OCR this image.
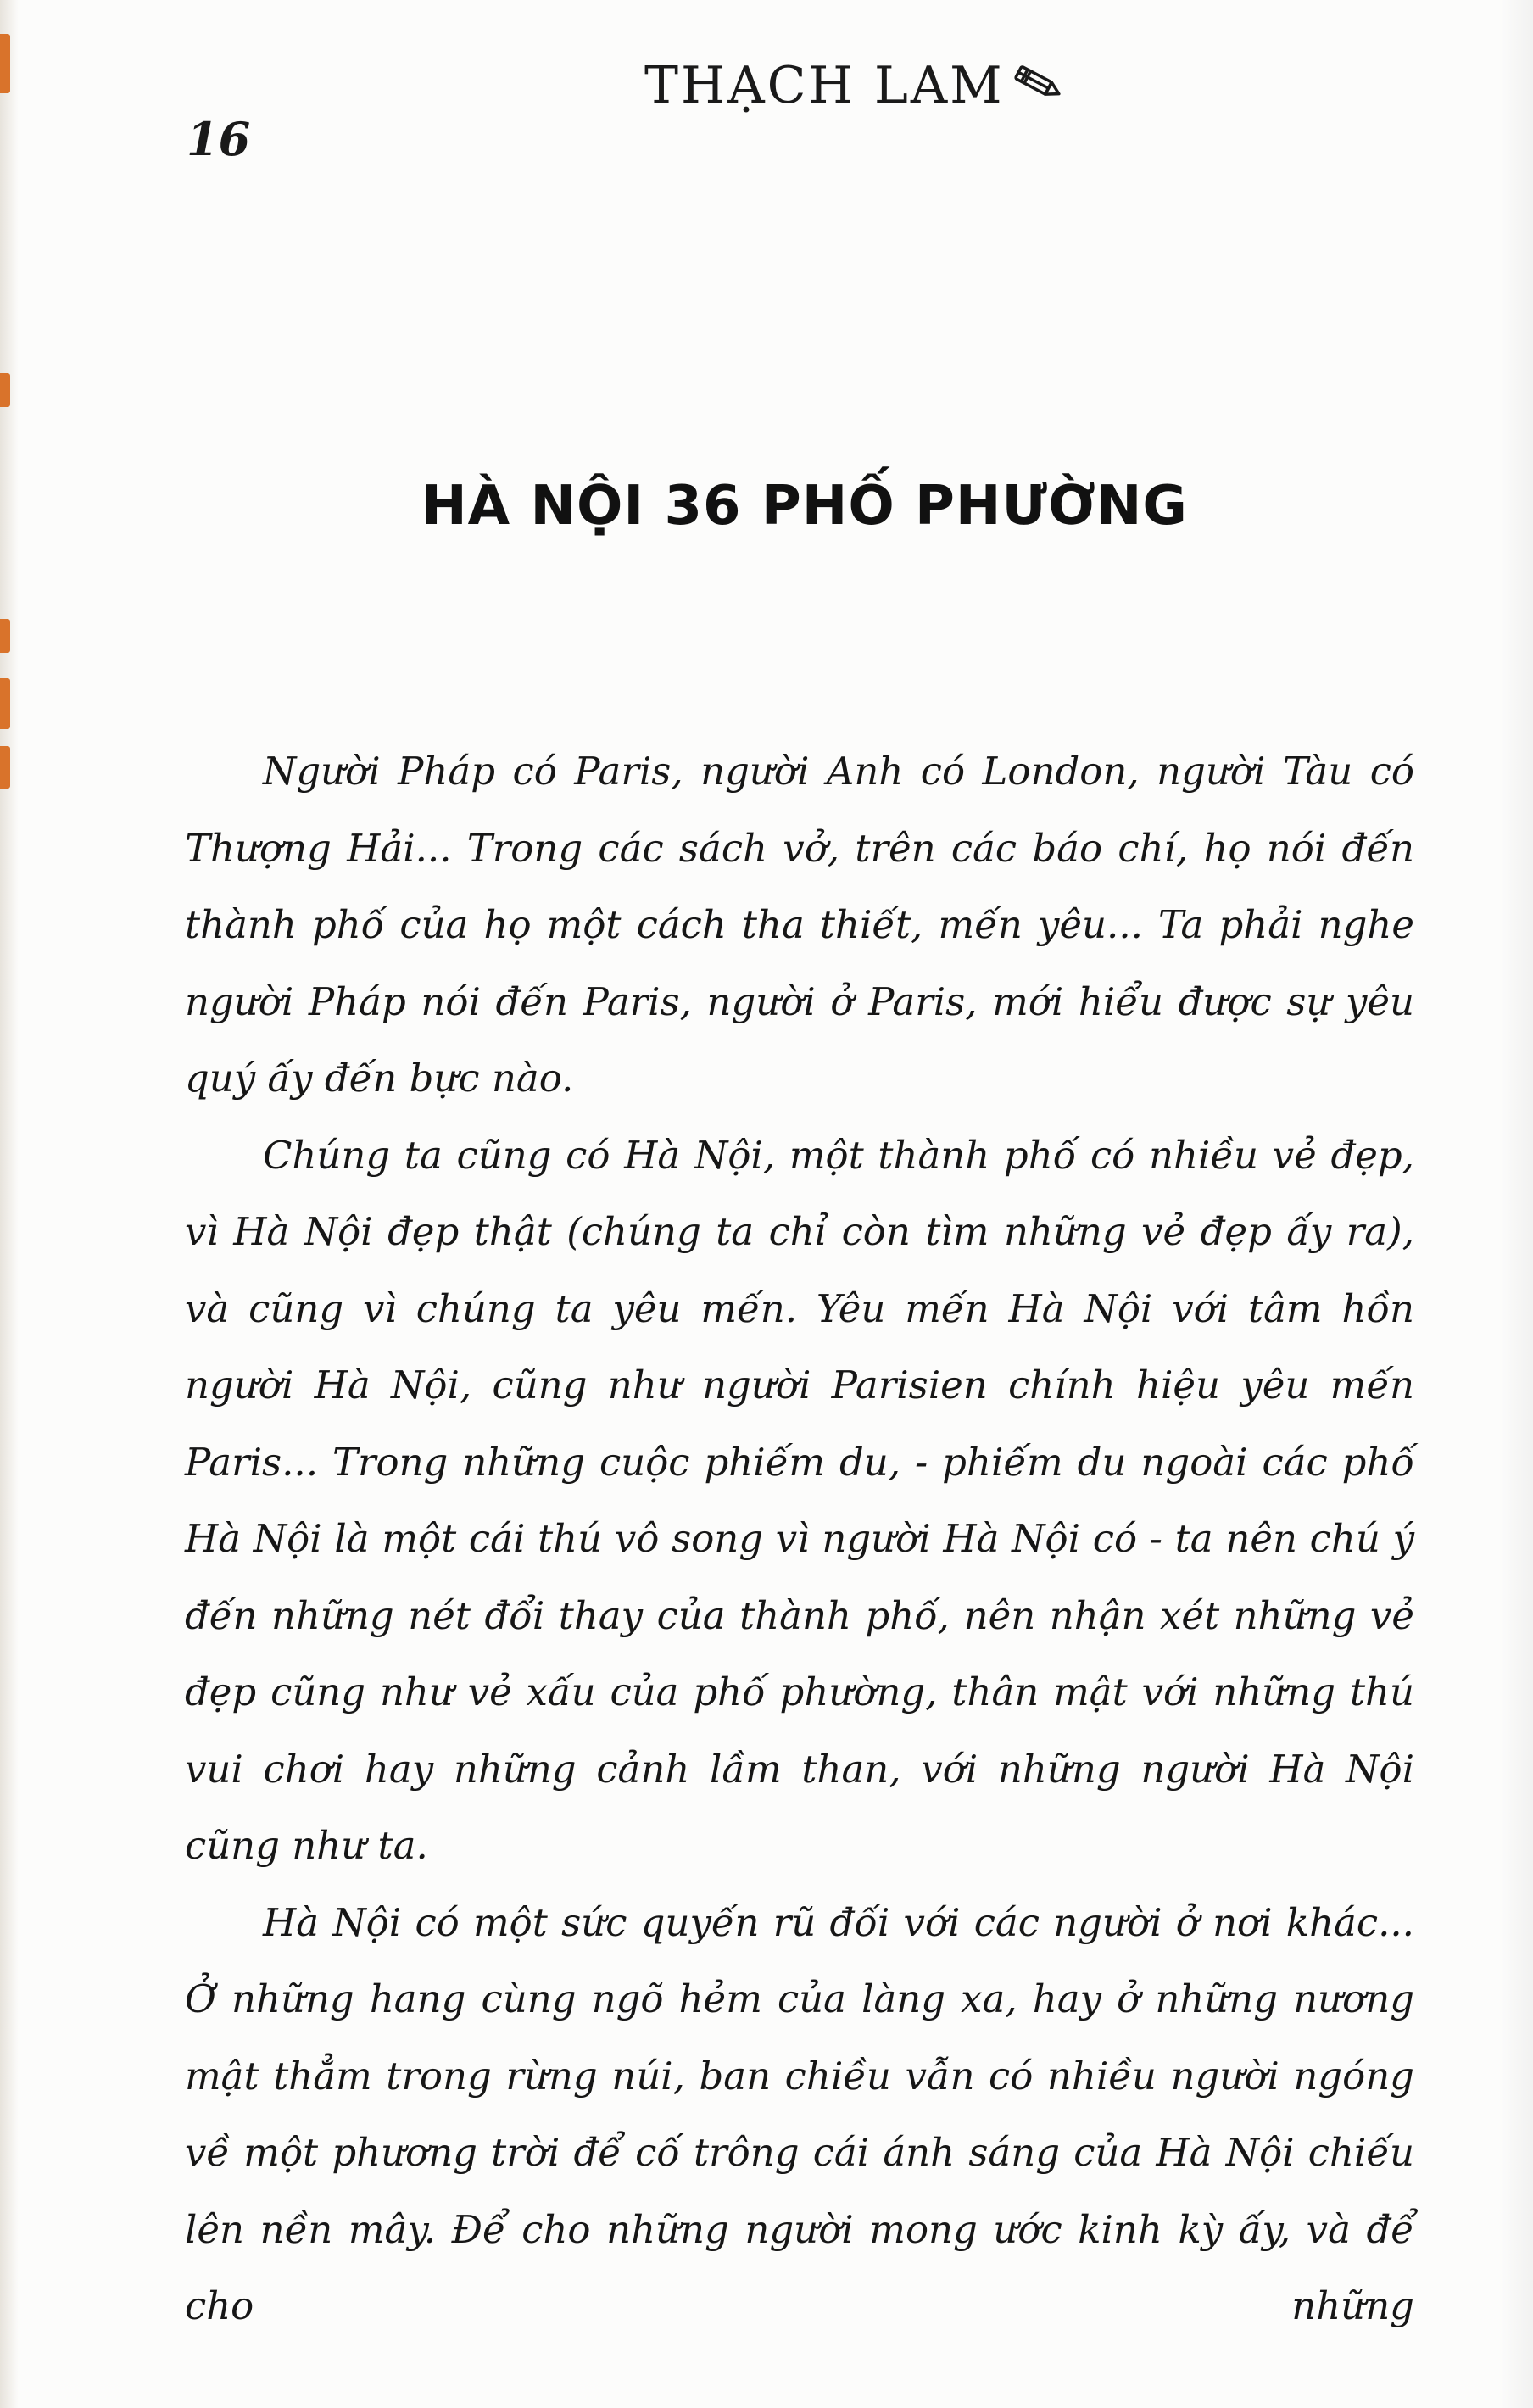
THẠCH LAM
16
HÀ NỘI 36 PHỐ PHƯỜNG

Người Pháp có Paris, người Anh có London, người Tàu có Thượng Hải... Trong các sách vở, trên các báo chí, họ nói đến thành phố của họ một cách tha thiết, mến yêu... Ta phải nghe người Pháp nói đến Paris, người ở Paris, mới hiểu được sự yêu quý ấy đến bực nào.

Chúng ta cũng có Hà Nội, một thành phố có nhiều vẻ đẹp, vì Hà Nội đẹp thật (chúng ta chỉ còn tìm những vẻ đẹp ấy ra), và cũng vì chúng ta yêu mến. Yêu mến Hà Nội với tâm hồn người Hà Nội, cũng như người Parisien chính hiệu yêu mến Paris... Trong những cuộc phiếm du, - phiếm du ngoài các phố Hà Nội là một cái thú vô song vì người Hà Nội có - ta nên chú ý đến những nét đổi thay của thành phố, nên nhận xét những vẻ đẹp cũng như vẻ xấu của phố phường, thân mật với những thú vui chơi hay những cảnh lầm than, với những người Hà Nội cũng như ta.

Hà Nội có một sức quyến rũ đối với các người ở nơi khác... Ở những hang cùng ngõ hẻm của làng xa, hay ở những nương mật thẳm trong rừng núi, ban chiều vẫn có nhiều người ngóng về một phương trời để cố trông cái ánh sáng của Hà Nội chiếu lên nền mây. Để cho những người mong ước kinh kỳ ấy, và để cho những
